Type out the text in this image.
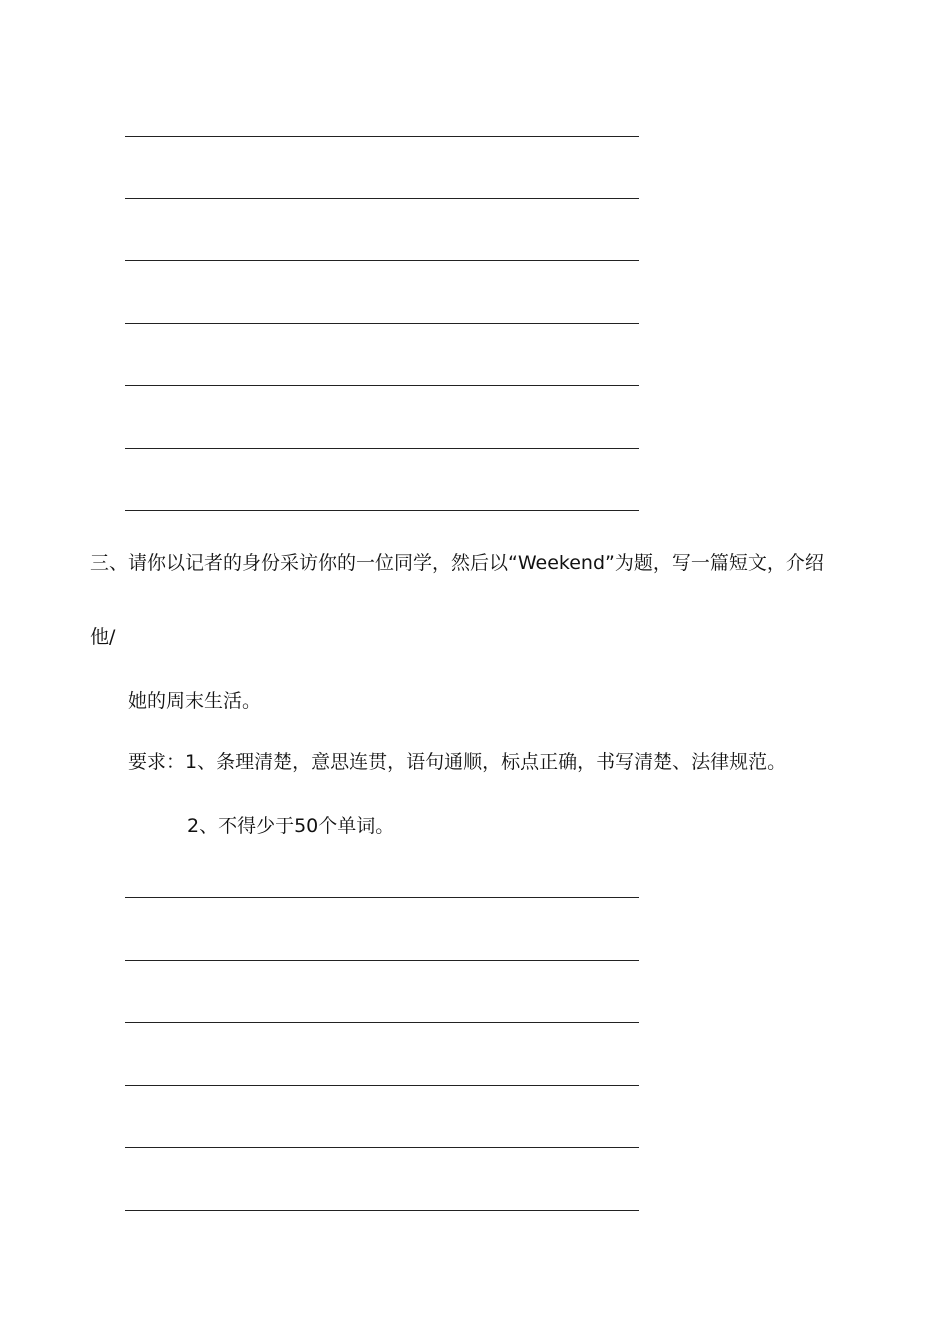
三、请你以记者的身份采访你的一位同学，然后以“Weekend”为题，写一篇短文，介绍
他/
她的周末生活。
要求：1、条理清楚，意思连贯，语句通顺，标点正确，书写清楚、法律规范。
2、不得少于50个单词。
